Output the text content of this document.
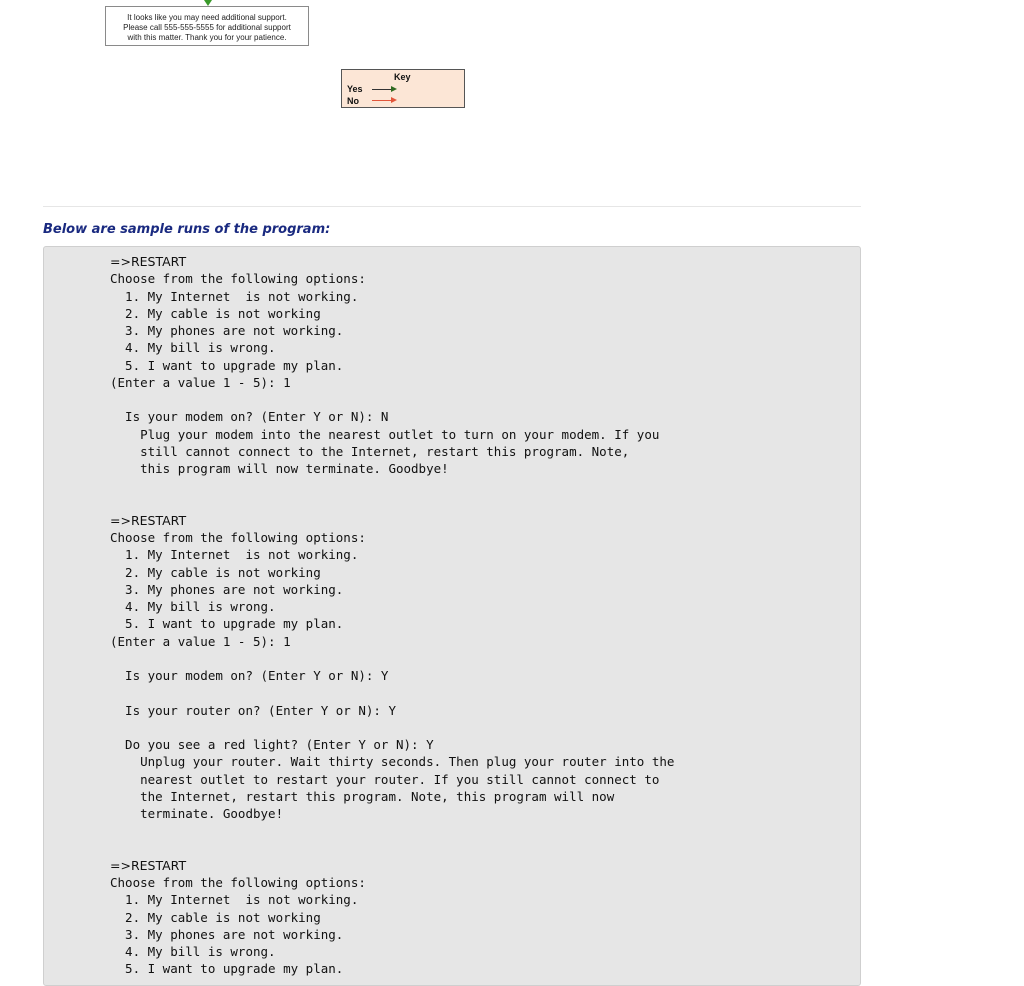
It looks like you may need additional support.
Please call 555-555-5555 for additional support
with this matter. Thank you for your patience.
Key
Yes
No
Below are sample runs of the program:
=>RESTART
Choose from the following options:
1. My Internet  is not working.
2. My cable is not working
3. My phones are not working.
4. My bill is wrong.
5. I want to upgrade my plan.
(Enter a value 1 - 5): 1
Is your modem on? (Enter Y or N): N
Plug your modem into the nearest outlet to turn on your modem. If you
still cannot connect to the Internet, restart this program. Note,
this program will now terminate. Goodbye!
=>RESTART
Choose from the following options:
1. My Internet  is not working.
2. My cable is not working
3. My phones are not working.
4. My bill is wrong.
5. I want to upgrade my plan.
(Enter a value 1 - 5): 1
Is your modem on? (Enter Y or N): Y
Is your router on? (Enter Y or N): Y
Do you see a red light? (Enter Y or N): Y
Unplug your router. Wait thirty seconds. Then plug your router into the
nearest outlet to restart your router. If you still cannot connect to
the Internet, restart this program. Note, this program will now
terminate. Goodbye!
=>RESTART
Choose from the following options:
1. My Internet  is not working.
2. My cable is not working
3. My phones are not working.
4. My bill is wrong.
5. I want to upgrade my plan.
